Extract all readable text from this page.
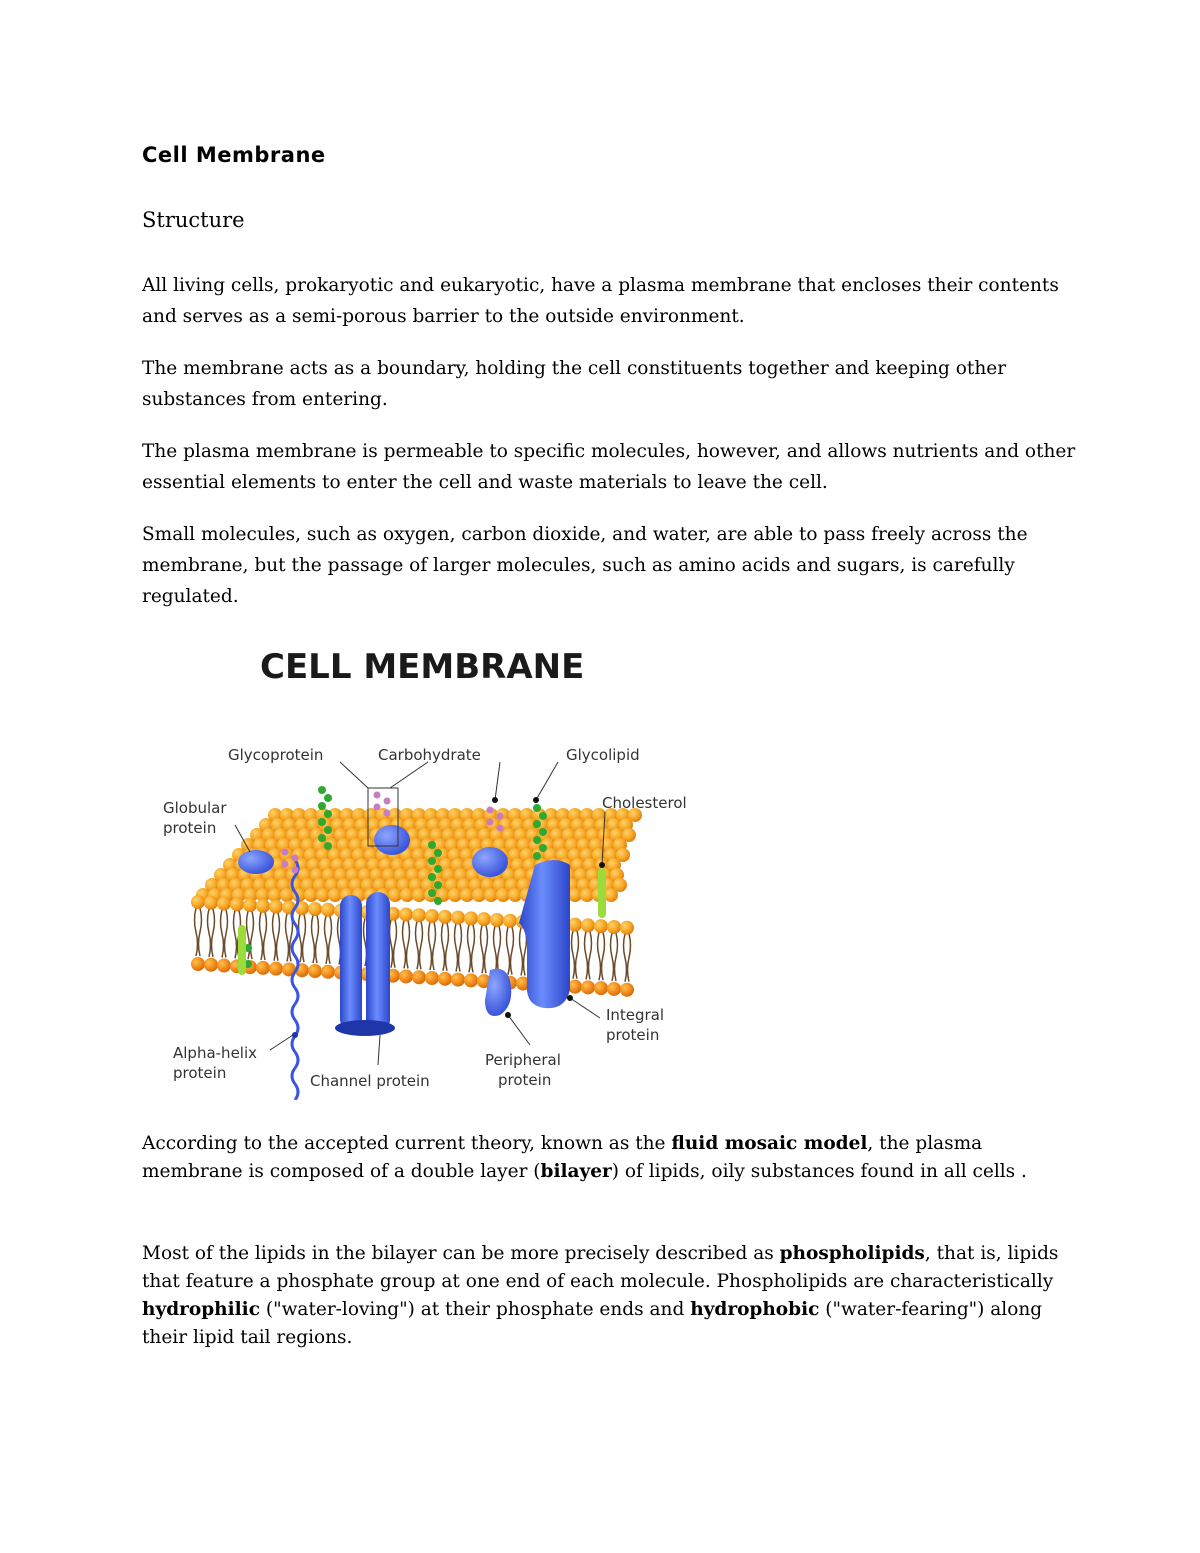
Cell Membrane
Structure

All living cells, prokaryotic and eukaryotic, have a plasma membrane that encloses their contents and serves as a semi-porous barrier to the outside environment.

The membrane acts as a boundary, holding the cell constituents together and keeping other substances from entering.

The plasma membrane is permeable to specific molecules, however, and allows nutrients and other essential elements to enter the cell and waste materials to leave the cell.

Small molecules, such as oxygen, carbon dioxide, and water, are able to pass freely across the membrane, but the passage of larger molecules, such as amino acids and sugars, is carefully regulated.

CELL MEMBRANE
Glycoprotein	Carbohydrate	Glycolipid
Globular
protein
Cholesterol
Integral
protein
Alpha-helix
protein	Channel protein
Peripheral
protein

According to the accepted current theory, known as the fluid mosaic model, the plasma membrane is composed of a double layer (bilayer) of lipids, oily substances found in all cells .

Most of the lipids in the bilayer can be more precisely described as phospholipids, that is, lipids that feature a phosphate group at one end of each molecule. Phospholipids are characteristically hydrophilic ("water-loving") at their phosphate ends and hydrophobic ("water-fearing") along their lipid tail regions.
